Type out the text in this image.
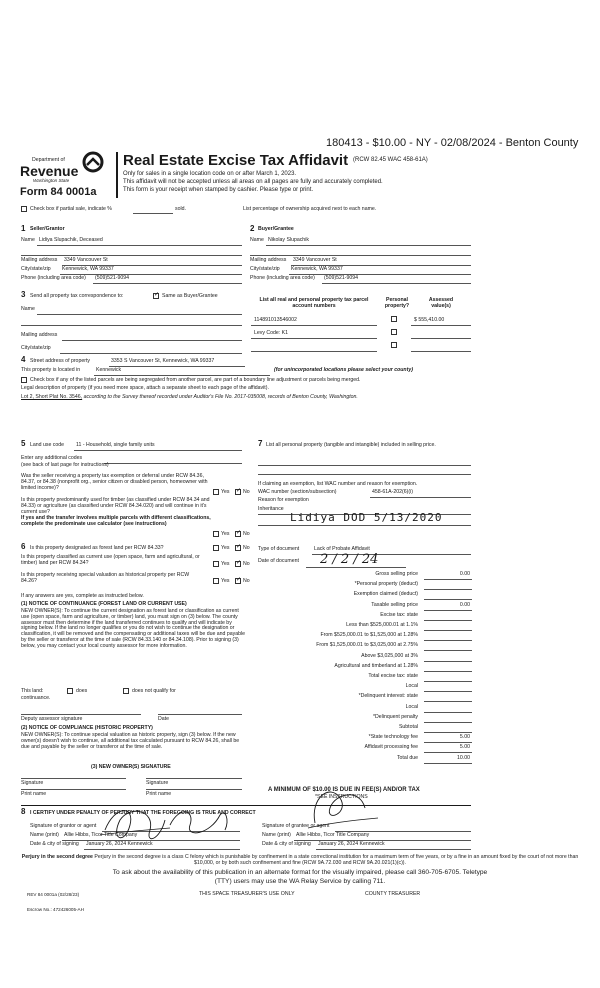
180413 - $10.00 - NY - 02/08/2024 - Benton County
Department of
Revenue
Washington State
Form 84 0001a
Real Estate Excise Tax Affidavit (RCW 82.45 WAC 458-61A)
Only for sales in a single location code on or after March 1, 2023.
This affidavit will not be accepted unless all areas on all pages are fully and accurately completed.
This form is your receipt when stamped by cashier. Please type or print.
Check box if partial sale, indicate %	sold.	List percentage of ownership acquired next to each name.
1 Seller/Grantor
Name Lidiya Slupachik, Deceased
Mailing address 3349 Vancouver St
City/state/zip Kennewick, WA 99337
Phone (including area code) (509)521-9094
2 Buyer/Grantee
Name Nikolay Slupachik
Mailing address 3349 Vancouver St
City/state/zip Kennewick, WA 99337
Phone (including area code) (509)521-9094
3 Send all property tax correspondence to: ✓	Same as Buyer/Grantee
Name
Mailing address
City/state/zip
List all real and personal property tax parcel account numbers
Personal property?
Assessed value(s)
114891013546002	$ 555,410.00
Levy Code: K1
4 Street address of property	3353 S Vancouver St, Kennewick, WA 99337
This property is located in	Kennewick	(for unincorporated locations please select your county)
Check box if any of the listed parcels are being segregated from another parcel, are part of a boundary line adjustment or parcels being merged.
Legal description of property (if you need more space, attach a separate sheet to each page of the affidavit).
Lot 2, Short Plat No. 3546, according to the Survey thereof recorded under Auditor's File No. 2017-035008, records of Benton County, Washington.
5 Land use code 11 - Household, single family units
Enter any additional codes
(see back of last page for instructions)
Was the seller receiving a property tax exemption or deferral under RCW 84.36, 84.37, or 84.38 (nonprofit org., senior citizen or disabled person, homeowner with limited income)?
Yes ✓	No
Is this property predominantly used for timber (as classified under RCW 84.34 and 84.33) or agriculture (as classified under RCW 84.34.020) and will continue in it's current use?
If yes and the transfer involves multiple parcels with different classifications, complete the predominate use calculator (see instructions)
Yes ✓	No
6 Is this property designated as forest land per RCW 84.33?	Yes ✓	No
Is this property classified as current use (open space, farm and agricultural, or timber) land per RCW 84.34?	Yes ✓	No
Is this property receiving special valuation as historical property per RCW 84.26?	Yes ✓	No
If any answers are yes, complete as instructed below.
(1) NOTICE OF CONTINUANCE (FOREST LAND OR CURRENT USE)
NEW OWNER(S): To continue the current designation as forest land or classification as current use (open space, farm and agriculture, or timber) land, you must sign on (3) below. The county assessor must then determine if the land transferred continues to qualify and will indicate by signing below. If the land no longer qualifies or you do not wish to continue the designation or classification, it will be removed and the compensating or additional taxes will be due and payable by the seller or transferor at the time of sale (RCW 84.33.140 or 84.34.108). Prior to signing (3) below, you may contact your local county assessor for more information.
This land:	does	does not qualify for
continuance.
Deputy assessor signature	Date
(2) NOTICE OF COMPLIANCE (HISTORIC PROPERTY)
NEW OWNER(S): To continue special valuation as historic property, sign (3) below. If the new owner(s) doesn't wish to continue, all additional tax calculated pursuant to RCW 84.26, shall be due and payable by the seller or transferor at the time of sale.
(3) NEW OWNER(S) SIGNATURE
Signature	Signature
Print name	Print name
7 List all personal property (tangible and intangible) included in selling price.
If claiming an exemption, list WAC number and reason for exemption.
WAC number (section/subsection)	458-61A-202(6)(i)
Reason for exemption
Inheritance
Lidiya DOD 5/13/2020
Type of document	Lack of Probate Affidavit
Date of document 2 / 2 / 24
Gross selling price	0.00
*Personal property (deduct)
Exemption claimed (deduct)
Taxable selling price	0.00
Excise tax: state
Less than $525,000.01 at 1.1%
From $525,000.01 to $1,525,000 at 1.28%
From $1,525,000.01 to $3,025,000 at 2.75%
Above $3,025,000 at 3%
Agricultural and timberland at 1.28%
Total excise tax: state
Local
*Delinquent interest: state
Local
*Delinquent penalty
Subtotal
*State technology fee	5.00
Affidavit processing fee	5.00
Total due	10.00
A MINIMUM OF $10.00 IS DUE IN FEE(S) AND/OR TAX
*SEE INSTRUCTIONS
8 I CERTIFY UNDER PENALTY OF PERJURY THAT THE FOREGOING IS TRUE AND CORRECT
Signature of grantor or agent
Name (print) Allie Hibbs, Ticor Title Company
Date & city of signing January 26, 2024 Kennewick
Signature of grantee or agent
Name (print) Allie Hibbs, Ticor Title Company
Date & city of signing January 26, 2024 Kennewick
Perjury in the second degree Perjury in the second degree is a class C felony which is punishable by confinement in a state correctional institution for a maximum term of five years, or by a fine in an amount fixed by the court of not more than $10,000, or by both such confinement and fine (RCW 9A.72.030 and RCW 9A.20.021(1)(c)).
To ask about the availability of this publication in an alternate format for the visually impaired, please call 360-705-6705. Teletype
(TTY) users may use the WA Relay Service by calling 711.
REV 84 0001a (02/28/23)	THIS SPACE TREASURER'S USE ONLY	COUNTY TREASURER
Escrow No.: 472426005-AH
